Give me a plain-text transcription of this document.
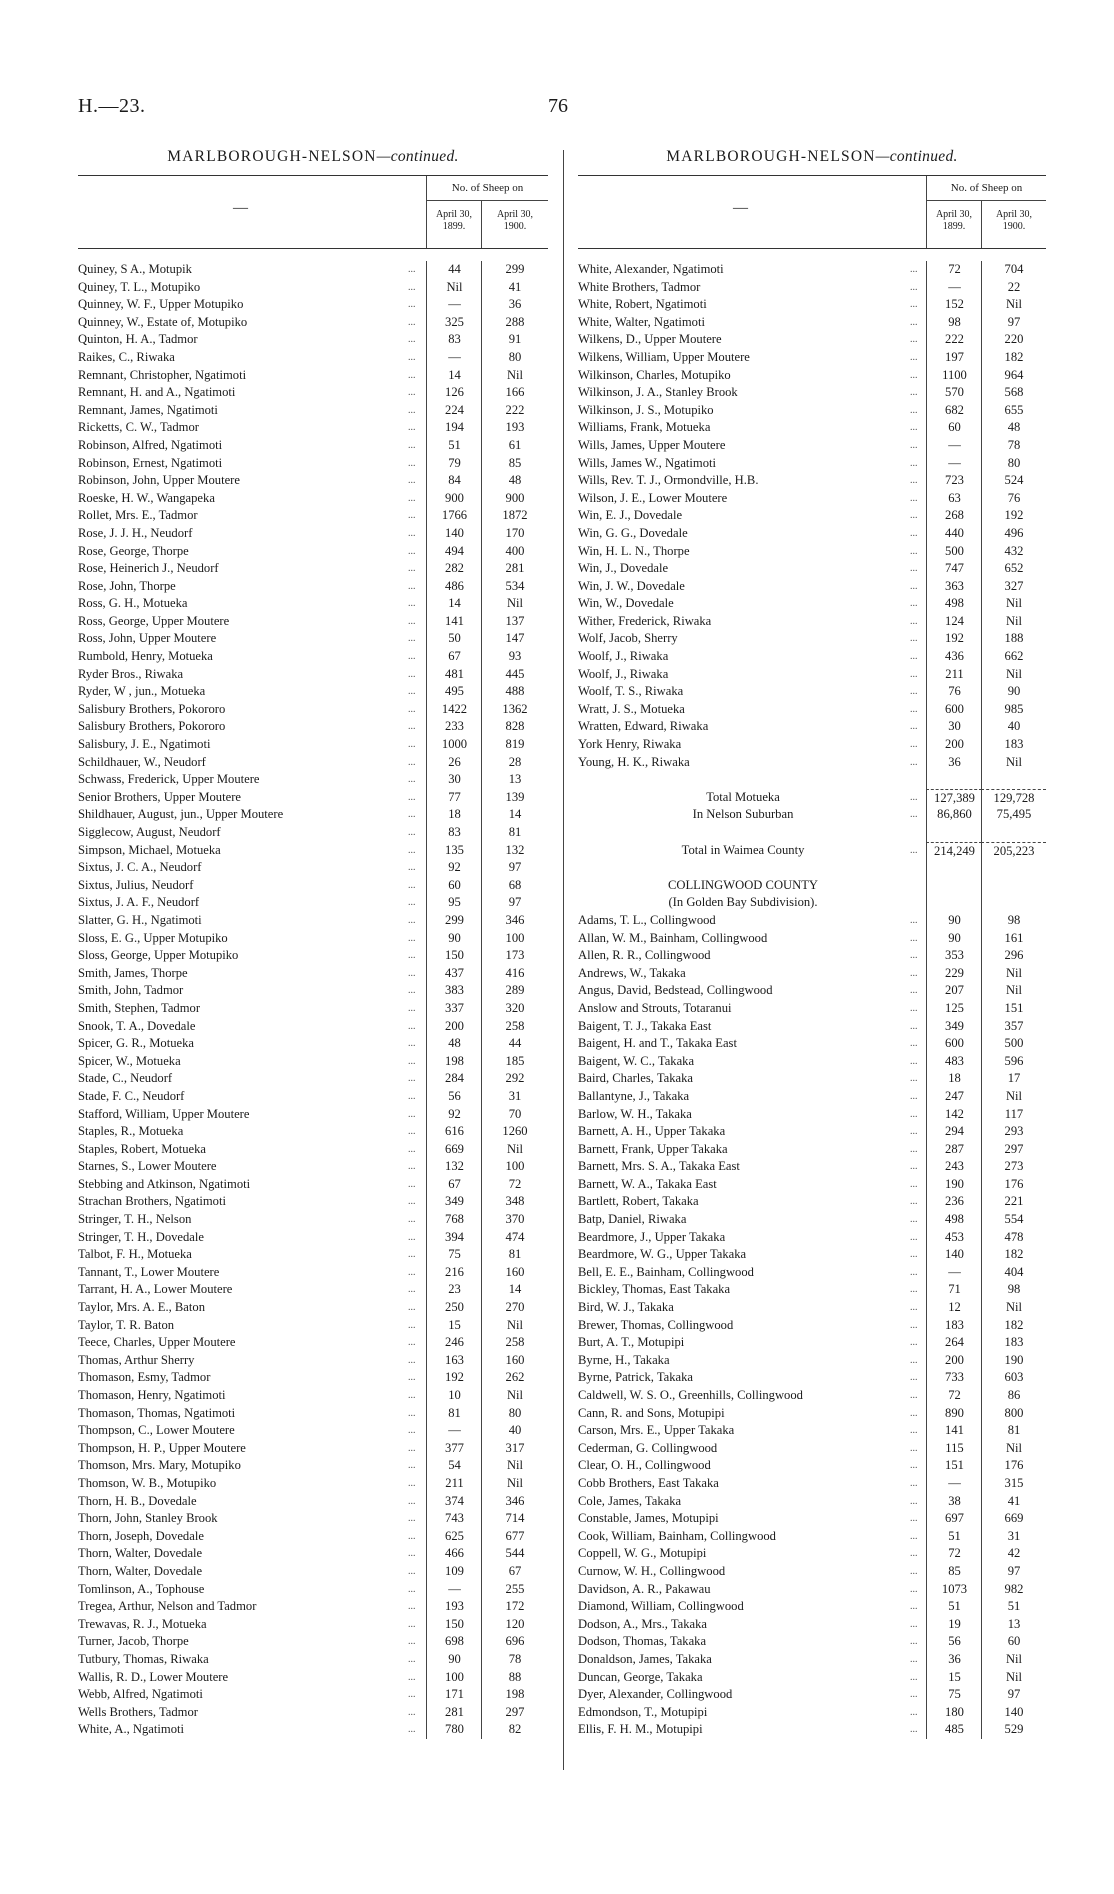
H.—23.	76
MARLBOROUGH-NELSON—continued.
—
No. of Sheep on
April 30,
1899.
April 30,
1900.
Quiney, S A., Motupik​	...	44	299
Quiney, T. L., Motupiko	...	Nil	41
Quinney, W. F., Upper Motupiko	...	—	36
Quinney, W., Estate of, Motupiko	...	325	288
Quinton, H. A., Tadmor	...	83	91
Raikes, C., Riwaka	...	—	80
Remnant, Christopher, Ngatimoti	...	14	Nil
Remnant, H. and A., Ngatimoti	...	126	166
Remnant, James, Ngatimoti	...	224	222
Ricketts, C. W., Tadmor	...	194	193
Robinson, Alfred, Ngatimoti	...	51	61
Robinson, Ernest, Ngatimoti	...	79	85
Robinson, John, Upper Moutere	...	84	48
Roeske, H. W., Wangapeka	...	900	900
Rollet, Mrs. E., Tadmor	...	1766	1872
Rose, J. J. H., Neudorf	...	140	170
Rose, George, Thorpe	...	494	400
Rose, Heinerich J., Neudorf	...	282	281
Rose, John, Thorpe	...	486	534
Ross, G. H., Motueka	...	14	Nil
Ross, George, Upper Moutere	...	141	137
Ross, John, Upper Moutere	...	50	147
Rumbold, Henry, Motueka	...	67	93
Ryder Bros., Riwaka	...	481	445
Ryder, W , jun., Motueka	...	495	488
Salisbury Brothers, Pokororo	...	1422	1362
Salisbury Brothers, Pokororo	...	233	828
Salisbury, J. E., Ngatimoti	...	1000	819
Schildhauer, W., Neudorf	...	26	28
Schwass, Frederick, Upper Moutere	...	30	13
Senior Brothers, Upper Moutere	...	77	139
Shildhauer, August, jun., Upper Moutere	...	18	14
Sigglecow, August, Neudorf	...	83	81
Simpson, Michael, Motueka	...	135	132
Sixtus, J. C. A., Neudorf	...	92	97
Sixtus, Julius, Neudorf	...	60	68
Sixtus, J. A. F., Neudorf	...	95	97
Slatter, G. H., Ngatimoti	...	299	346
Sloss, E. G., Upper Motupiko	...	90	100
Sloss, George, Upper Motupiko	...	150	173
Smith, James, Thorpe	...	437	416
Smith, John, Tadmor	...	383	289
Smith, Stephen, Tadmor	...	337	320
Snook, T. A., Dovedale	...	200	258
Spicer, G. R., Motueka	...	48	44
Spicer, W., Motueka	...	198	185
Stade, C., Neudorf	...	284	292
Stade, F. C., Neudorf	...	56	31
Stafford, William, Upper Moutere	...	92	70
Staples, R., Motueka	...	616	1260
Staples, Robert, Motueka	...	669	Nil
Starnes, S., Lower Moutere	...	132	100
Stebbing and Atkinson, Ngatimoti	...	67	72
Strachan Brothers, Ngatimoti	...	349	348
Stringer, T. H., Nelson	...	768	370
Stringer, T. H., Dovedale	...	394	474
Talbot, F. H., Motueka	...	75	81
Tannant, T., Lower Moutere	...	216	160
Tarrant, H. A., Lower Moutere	...	23	14
Taylor, Mrs. A. E., Baton	...	250	270
Taylor, T. R. Baton	...	15	Nil
Teece, Charles, Upper Moutere	...	246	258
Thomas, Arthur Sherry	...	163	160
Thomason, Esmy, Tadmor	...	192	262
Thomason, Henry, Ngatimoti	...	10	Nil
Thomason, Thomas, Ngatimoti	...	81	80
Thompson, C., Lower Moutere	...	—	40
Thompson, H. P., Upper Moutere	...	377	317
Thomson, Mrs. Mary, Motupiko	...	54	Nil
Thomson, W. B., Motupiko	...	211	Nil
Thorn, H. B., Dovedale	...	374	346
Thorn, John, Stanley Brook	...	743	714
Thorn, Joseph, Dovedale	...	625	677
Thorn, Walter, Dovedale	...	466	544
Thorn, Walter, Dovedale	...	109	67
Tomlinson, A., Tophouse	...	—	255
Tregea, Arthur, Nelson and Tadmor	...	193	172
Trewavas, R. J., Motueka	...	150	120
Turner, Jacob, Thorpe	...	698	696
Tutbury, Thomas, Riwaka	...	90	78
Wallis, R. D., Lower Moutere	...	100	88
Webb, Alfred, Ngatimoti	...	171	198
Wells Brothers, Tadmor	...	281	297
White, A., Ngatimoti	...	780	82
MARLBOROUGH-NELSON—continued.
—
No. of Sheep on
April 30,
1899.
April 30,
1900.
White, Alexander, Ngatimoti	...	72	704
White Brothers, Tadmor	...	—	22
White, Robert, Ngatimoti	...	152	Nil
White, Walter, Ngatimoti	...	98	97
Wilkens, D., Upper Moutere	...	222	220
Wilkens, William, Upper Moutere	...	197	182
Wilkinson, Charles, Motupiko	...	1100	964
Wilkinson, J. A., Stanley Brook	...	570	568
Wilkinson, J. S., Motupiko	...	682	655
Williams, Frank, Motueka	...	60	48
Wills, James, Upper Moutere	...	—	78
Wills, James W., Ngatimoti	...	—	80
Wills, Rev. T. J., Ormondville, H.B.	...	723	524
Wilson, J. E., Lower Moutere	...	63	76
Win, E. J., Dovedale	...	268	192
Win, G. G., Dovedale	...	440	496
Win, H. L. N., Thorpe	...	500	432
Win, J., Dovedale	...	747	652
Win, J. W., Dovedale	...	363	327
Win, W., Dovedale	...	498	Nil
Wither, Frederick, Riwaka	...	124	Nil
Wolf, Jacob, Sherry	...	192	188
Woolf, J., Riwaka	...	436	662
Woolf, J., Riwaka	...	211	Nil
Woolf, T. S., Riwaka	...	76	90
Wratt, J. S., Motueka	...	600	985
Wratten, Edward, Riwaka	...	30	40
York Henry, Riwaka	...	200	183
Young, H. K., Riwaka	...	36	Nil
Total Motueka	...	127,389	129,728
In Nelson Suburban	...	86,860	75,495
Total in Waimea County	...	214,249	205,223
COLLINGWOOD COUNTY
(In Golden Bay Subdivision).
Adams, T. L., Collingwood	...	90	98
Allan, W. M., Bainham, Collingwood	...	90	161
Allen, R. R., Collingwood	...	353	296
Andrews, W., Takaka	...	229	Nil
Angus, David, Bedstead, Collingwood	...	207	Nil
Anslow and Strouts, Totaranui	...	125	151
Baigent, T. J., Takaka East	...	349	357
Baigent, H. and T., Takaka East	...	600	500
Baigent, W. C., Takaka	...	483	596
Baird, Charles, Takaka	...	18	17
Ballantyne, J., Takaka	...	247	Nil
Barlow, W. H., Takaka	...	142	117
Barnett, A. H., Upper Takaka	...	294	293
Barnett, Frank, Upper Takaka	...	287	297
Barnett, Mrs. S. A., Takaka East	...	243	273
Barnett, W. A., Takaka East	...	190	176
Bartlett, Robert, Takaka	...	236	221
Batp, Daniel, Riwaka	...	498	554
Beardmore, J., Upper Takaka	...	453	478
Beardmore, W. G., Upper Takaka	...	140	182
Bell, E. E., Bainham, Collingwood	...	—	404
Bickley, Thomas, East Takaka	...	71	98
Bird, W. J., Takaka	...	12	Nil
Brewer, Thomas, Collingwood	...	183	182
Burt, A. T., Motupipi	...	264	183
Byrne, H., Takaka	...	200	190
Byrne, Patrick, Takaka	...	733	603
Caldwell, W. S. O., Greenhills, Collingwood	...	72	86
Cann, R. and Sons, Motupipi	...	890	800
Carson, Mrs. E., Upper Takaka	...	141	81
Cederman, G. Collingwood	...	115	Nil
Clear, O. H., Collingwood	...	151	176
Cobb Brothers, East Takaka	...	—	315
Cole, James, Takaka	...	38	41
Constable, James, Motupipi	...	697	669
Cook, William, Bainham, Collingwood	...	51	31
Coppell, W. G., Motupipi	...	72	42
Curnow, W. H., Collingwood	...	85	97
Davidson, A. R., Pakawau	...	1073	982
Diamond, William, Collingwood	...	51	51
Dodson, A., Mrs., Takaka	...	19	13
Dodson, Thomas, Takaka	...	56	60
Donaldson, James, Takaka	...	36	Nil
Duncan, George, Takaka	...	15	Nil
Dyer, Alexander, Collingwood	...	75	97
Edmondson, T., Motupipi	...	180	140
Ellis, F. H. M., Motupipi	...	485	529
